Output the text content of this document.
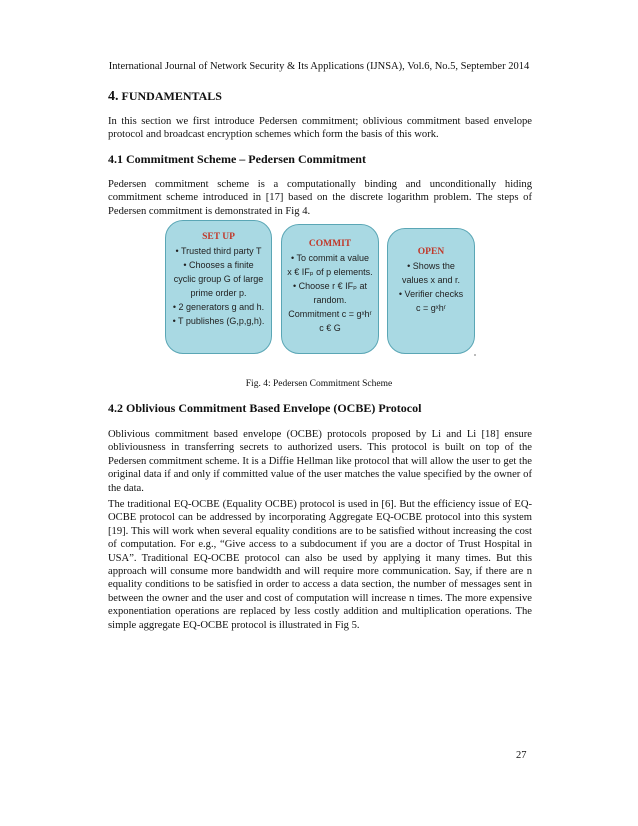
International Journal of Network Security & Its Applications (IJNSA), Vol.6, No.5, September 2014
4. FUNDAMENTALS
In this section we first introduce Pedersen commitment; oblivious commitment based envelope protocol and broadcast encryption schemes which form the basis of this work.
4.1 Commitment Scheme – Pedersen Commitment
Pedersen commitment scheme is a computationally binding and unconditionally hiding commitment scheme introduced in [17] based on the discrete logarithm problem. The steps of Pedersen commitment is demonstrated in Fig 4.
SET UP
• Trusted third party T
• Chooses a finite
cyclic group G of large
prime order p.
• 2 generators g and h.
• T publishes (G,p,g,h).
COMMIT
• To commit a value
x € IFₚ of p elements.
• Choose r € IFₚ at
random.
Commitment c = gˣhʳ
c € G
OPEN
• Shows the
values x and r.
• Verifier checks
c = gˣhʳ
Fig. 4: Pedersen Commitment Scheme
4.2 Oblivious Commitment Based Envelope (OCBE) Protocol
Oblivious commitment based envelope (OCBE) protocols proposed by Li and Li [18] ensure obliviousness in transferring secrets to authorized users. This protocol is built on top of the Pedersen commitment scheme. It is a Diffie Hellman like protocol that will allow the user to get the original data if and only if committed value of the user matches the value specified by the owner of the data.
The traditional EQ-OCBE (Equality OCBE) protocol is used in [6]. But the efficiency issue of EQ-OCBE protocol can be addressed by incorporating Aggregate EQ-OCBE protocol into this system [19]. This will work when several equality conditions are to be satisfied without increasing the cost of computation. For e.g., “Give access to a subdocument if you are a doctor of Trust Hospital in USA”. Traditional EQ-OCBE protocol can also be used by applying it many times. But this approach will consume more bandwidth and will require more communication. Say, if there are n equality conditions to be satisfied in order to access a data section, the number of messages sent in between the owner and the user and cost of computation will increase n times. The more expensive exponentiation operations are replaced by less costly addition and multiplication operations. The simple aggregate EQ-OCBE protocol is illustrated in Fig 5.
27
